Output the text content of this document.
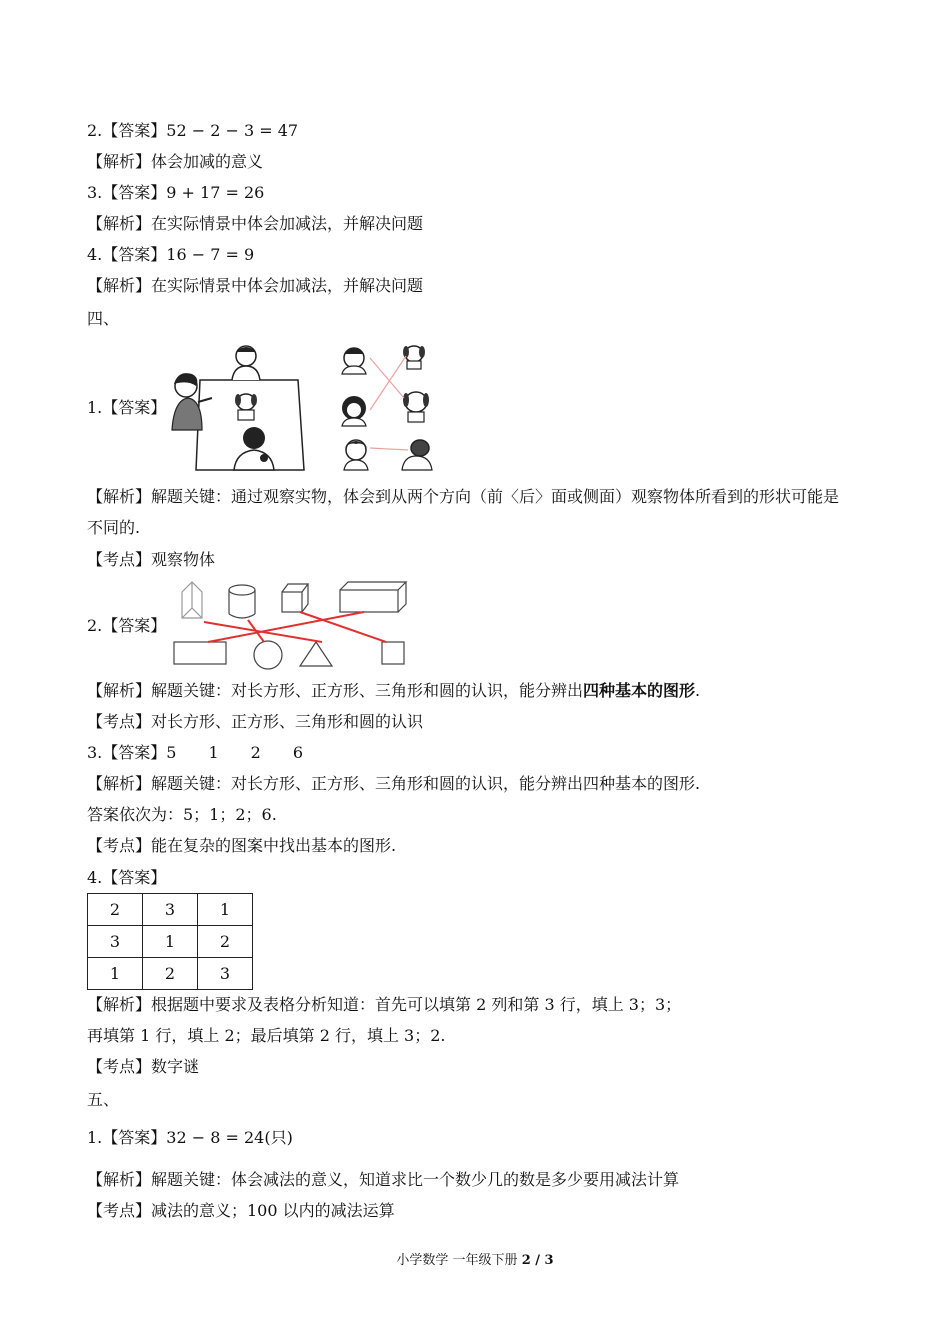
2.【答案】52 − 2 − 3 = 47
【解析】体会加减的意义
3.【答案】9 + 17 = 26
【解析】在实际情景中体会加减法，并解决问题
4.【答案】16 − 7 = 9
【解析】在实际情景中体会加减法，并解决问题
四、
1.【答案】
【解析】解题关键：通过观察实物，体会到从两个方向（前〈后〉面或侧面）观察物体所看到的形状可能是
不同的.
【考点】观察物体
2.【答案】
【解析】解题关键：对长方形、正方形、三角形和圆的认识，能分辨出四种基本的图形.
【考点】对长方形、正方形、三角形和圆的认识
3.【答案】5 1 2 6
【解析】解题关键：对长方形、正方形、三角形和圆的认识，能分辨出四种基本的图形.
答案依次为：5；1；2；6.
【考点】能在复杂的图案中找出基本的图形.
4.【答案】
2	3	1
3	1	2
1	2	3
【解析】根据题中要求及表格分析知道：首先可以填第 2 列和第 3 行，填上 3；3；
再填第 1 行，填上 2；最后填第 2 行，填上 3；2.
【考点】数字谜
五、
1.【答案】32 − 8 = 24(只)
【解析】解题关键：体会减法的意义，知道求比一个数少几的数是多少要用减法计算
【考点】减法的意义；100 以内的减法运算
小学数学 一年级下册 2 / 3
